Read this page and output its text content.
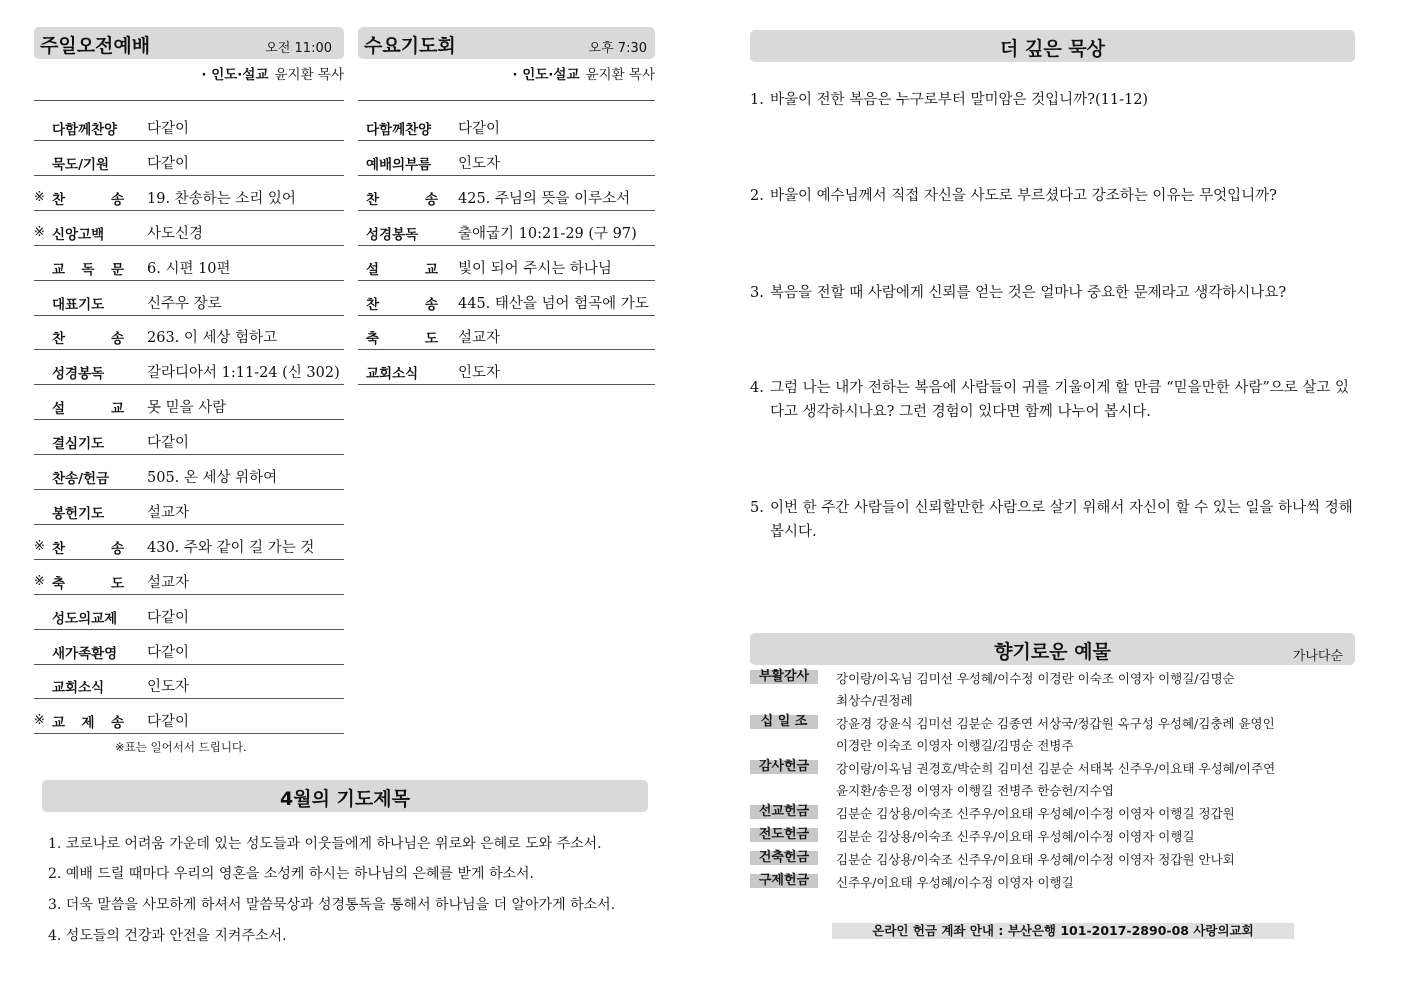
주일오전예배	오전 11:00
· 인도·설교 윤지환 목사
다함께찬양	다같이
묵도/기원	다같이
※ 찬 송 19. 찬송하는 소리 있어
※ 신앙고백	사도신경
교 독 문 6. 시편 10편
대표기도	신주우 장로
찬 송 263. 이 세상 험하고
성경봉독	갈라디아서 1:11-24 (신 302)
설 교 못 믿을 사람
결심기도	다같이
찬송/헌금	505. 온 세상 위하여
봉헌기도	설교자
※ 찬 송 430. 주와 같이 길 가는 것
※ 축 도 설교자
성도의교제	다같이
새가족환영	다같이
교회소식	인도자
※ 교 제 송 다같이
수요기도회	오후 7:30
· 인도·설교 윤지환 목사
다함께찬양	다같이
예배의부름	인도자
찬 송 425. 주님의 뜻을 이루소서
성경봉독	출애굽기 10:21-29 (구 97)
설 교 빛이 되어 주시는 하나님
찬 송 445. 태산을 넘어 험곡에 가도
축 도 설교자
교회소식	인도자
※표는 일어서서 드립니다.
4월의 기도제목
1. 코로나로 어려움 가운데 있는 성도들과 이웃들에게 하나님은 위로와 은혜로 도와 주소서.
2. 예배 드릴 때마다 우리의 영혼을 소성케 하시는 하나님의 은혜를 받게 하소서.
3. 더욱 말씀을 사모하게 하셔서 말씀묵상과 성경통독을 통해서 하나님을 더 알아가게 하소서.
4. 성도들의 건강과 안전을 지켜주소서.
더 깊은 묵상
1. 바울이 전한 복음은 누구로부터 말미암은 것입니까?(11-12)
2. 바울이 예수님께서 직접 자신을 사도로 부르셨다고 강조하는 이유는 무엇입니까?
3. 복음을 전할 때 사람에게 신뢰를 얻는 것은 얼마나 중요한 문제라고 생각하시나요?
4. 그럼 나는 내가 전하는 복음에 사람들이 귀를 기울이게 할 만큼 “믿을만한 사람”으로 살고 있다고 생각하시나요? 그런 경험이 있다면 함께 나누어 봅시다.
5. 이번 한 주간 사람들이 신뢰할만한 사람으로 살기 위해서 자신이 할 수 있는 일을 하나씩 정해 봅시다.
향기로운 예물	가나다순
부활감사	강이랑/이옥님 김미선 우성혜/이수정 이경란 이숙조 이영자 이행길/김명순
최상수/권정례
십 일 조	강윤경 강윤식 김미선 김분순 김종연 서상국/정갑원 옥구성 우성혜/김충례 윤영인
이경란 이숙조 이영자 이행길/김명순 전병주
감사헌금	강이랑/이옥님 권경호/박순희 김미선 김분순 서태복 신주우/이요태 우성혜/이주연
윤지환/송은정 이영자 이행길 전병주 한승헌/지수엽
선교헌금	김분순 김상용/이숙조 신주우/이요태 우성혜/이수정 이영자 이행길 정갑원
전도헌금	김분순 김상용/이숙조 신주우/이요태 우성혜/이수정 이영자 이행길
건축헌금	김분순 김상용/이숙조 신주우/이요태 우성혜/이수정 이영자 정갑원 안나회
구제헌금	신주우/이요태 우성혜/이수정 이영자 이행길
온라인 헌금 계좌 안내 : 부산은행 101-2017-2890-08 사랑의교회
